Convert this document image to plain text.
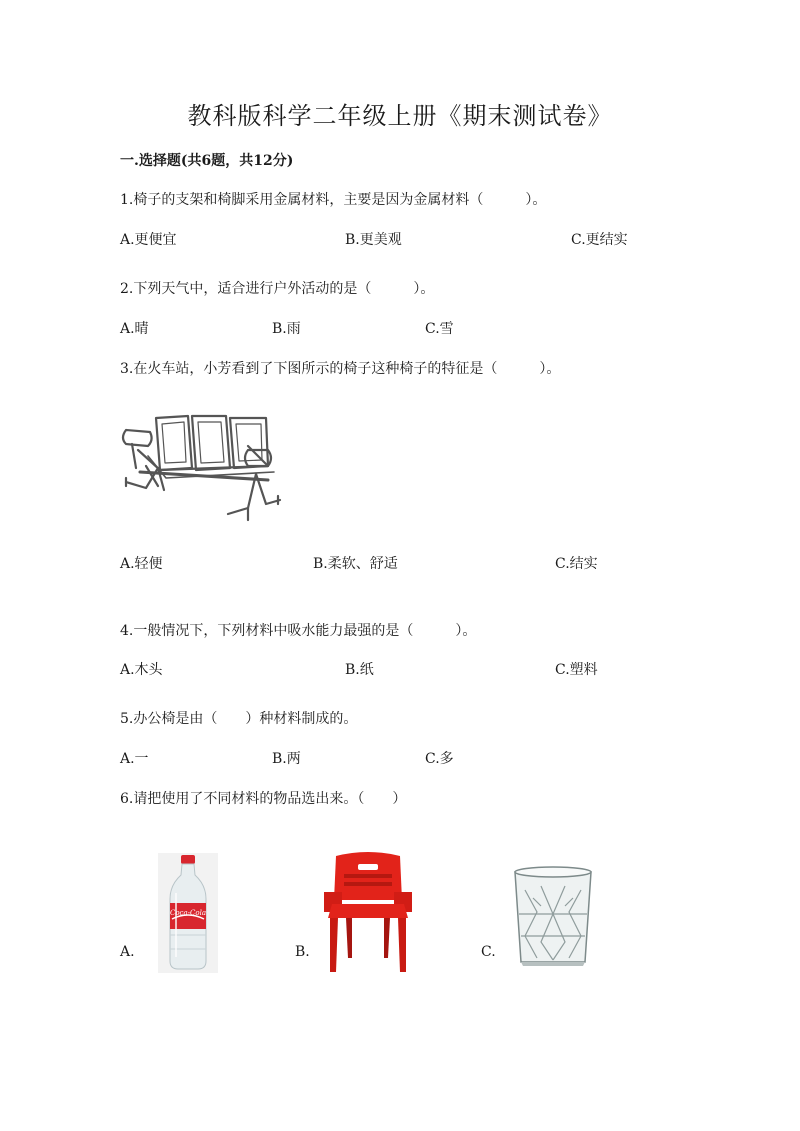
教科版科学二年级上册《期末测试卷》
一.选择题(共6题，共12分)
1.椅子的支架和椅脚采用金属材料，主要是因为金属材料（　　　）。
A.更便宜	B.更美观	C.更结实
2.下列天气中，适合进行户外活动的是（　　　）。
A.晴	B.雨	C.雪
3.在火车站，小芳看到了下图所示的椅子这种椅子的特征是（　　　）。
A.轻便	B.柔软、舒适	C.结实
4.一般情况下，下列材料中吸水能力最强的是（　　　）。
A.木头	B.纸	C.塑料
5.办公椅是由（　　）种材料制成的。
A.一	B.两	C.多
6.请把使用了不同材料的物品选出来。（　　）
A.
Coca-Cola
B.	C.
